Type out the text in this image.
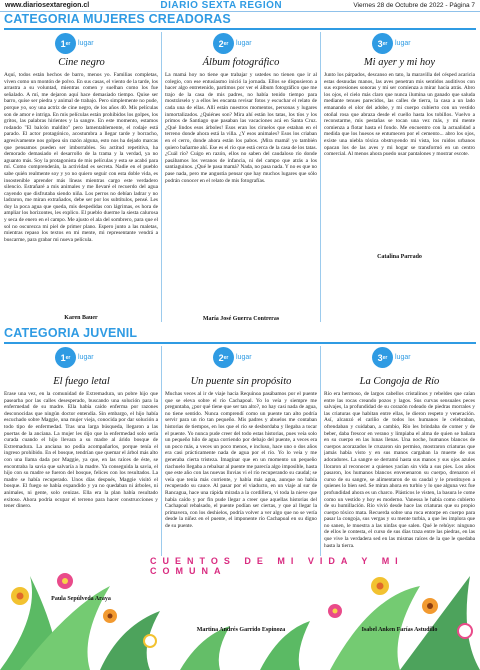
www.diariosextaregion.cl	DIARIO SEXTA REGIÓN	Viernes 28 de Octubre de 2022 - Página 7
CATEGORIA MUJERES CREADORAS
1 er lugar
Cine negro
Aquí, todos están hechos de barro, menos yo. Familias completas, viven como un montón de polvo. En sus casas, el viento de la tarde, los arrastra a su voluntad, mientras comen y suelhan como los fue señalado. A mí, me dejaron aquí hace demasiado tiempo. Quise ser barro, quise ser piedra y animal de trabajo. Pero simplemente no pude, porque yo, soy una actriz de cine negro, de los años 40. Mis películas son de amor e intriga. En mis películas están prohibidos los golpes, los gritos, las palabras hirientes y la sangre. En este momento, estamos rodando "El balcón maldito" pero lamentablemente, el rodaje está parado. El actor protagónico, acostumbra a llegar tarde y borracho, agresivamente nos golpea sin razón alguna, esto nos ha dejado marcas que pensamos pueden ser imborrables. Su actitud repetitiva, ha demorado demasiado el desarrollo de la trama y la verdad, ya no aguanto más. Soy la protagonista de mis películas y esta se acabó para mí. Como comprenderán, la actividad es secreta. Nadie en el pueblo sabe quién realmente soy y yo no quiero seguir con esta doble vida, es insostenible aprender más líneas mientras cargo este verdadero silencio. Estrañaré a mis animales y me llevaré el recuerdo del agua cayendo que disfrutaba siendo niña. Los perros no debían ladrar y no ladraron, me miran extrañados, debe ser por los subtítulos, pensé. Les doy la poca agua que queda, mis despedidas con lágrimas, es hora de ampliar los horizontes, les explico. El pueblo duerme la siesta calurosa y seca de enero en el campo. Me ajusto el ala del sombrero, para que el sol no oscurezca mi piel de primer plano. Espero junto a las maletas, mientras repaso los textos en mi mente, mi representante vendrá a buscarme, para grabar mi nueva película.
Karen Bauer
2 er lugar
Álbum fotográfico
La mamá hoy no tiene que trabajar y ustedes no tienen que ir al colegio, con ese entusiasmo inició la jornada. Ellos se dispusieron a hacer algo entretenido, partimos por ver el álbum fotográfico que me trajo de la casa de mis padres, no había tenido tiempo para mostrárselo y a ellos les encanta revisar fotos y escuchar el relato de cada una de ellas. Allí están nuestros momentos, personas y lugares inmortalizados. ¿Quiénes son? Mira ahí están los tatas, los tíos y los primos de Santiago que pasaban las vacaciones acá en Santa Cruz. ¿Qué lindos esos árboles! Esos eran los ciruelos que estaban en el terreno donde ahora está la villa. ¿Y esos animales? Esos los criaban en el cerro, donde ahora están los pabos. ¡Mira mamá! yo también quiero bañarme ahí. Ese es el río que está cerca de la casa de los tatas. ¿Cuál río? Cuigo en razón, ellos no saben del caudaloso río donde pasábamos los veranos de infancia, ni del campo que atrás a los santiaguinos. ¿Qué le pasa mamá? Nada, no pasa nada. Y no es que no pase nada, pero me angustia pensar que hay muchos lugares que sólo podrán conocer en el relato de mis fotografías.
María José Guerra Contreras
3 er lugar
Mi ayer y mi hoy
Junto los párpados, descanso en tato, la maravilla del césped acaricia estas desnudas manos, las aves penetran mis sentidos auditivos con sus expresiones sonoras y mi ser comienza a mirar hacia atrás. Abro los ojos, el cielo más claro que nunca ilumina un ganado que saluda mediante tenues parecidos, las calles de tierra, la casa a un lado emanando el olor del adobe, y mi cuerpo cubierto con un vestido otoñal rosa que abraza desde el cuello hasta los tobillos. Vuelvo a reconstarme, mis pestañas se tocan una vez más, y mi mente comienza a flotar hasta el fondo. Me encuentro con la actualidad a medida que los huesos se entumecen por el cemento... abro los ojos, existe una niebla tóxica obstruyendo mi vista, los ruidos urbanos opacan los de las aves y mi hogar se transformó en un centro comercial. Al menos ahora puedo usar pantalones y mostrar escote.
Catalina Parrado
CATEGORIA JUVENIL
1 er lugar
El fuego letal
Érase una vez, en la comunidad de Extremadura, un pobre hijo que pasearba por las calles desesperado, buscando una solución para la enfermedad de su madre. Ella había caído enferma por razones desconocidas que ningún doctor entendía. Sin embargo, el hijo había escuchado sobre Maggie, una mujer vieja, conocida por dar solución a todo tipo de enfermedad. Tras una larga búsqueda, llegaron a las puertas de la anciana. La mujer les dijo que la enfermedad solo sería curada cuando el hijo llevara a su madre al árido bosque de Extremadura. La anciana no podía acompañarlos, porque tenía el ingreso prohibido. En el bosque, tendrían que quemar el árbol más alto con una llama dada por Maggie, ya que, en las raíces de éste, se encontraba la savia que salvaría a la madre. Ya conseguida la savia, el hijo con su madre se fueron del bosque, felices con los resultados. La madre se había recuperado. Unos días después, Maggie visitó el bosque. El fuego se había expandido y ya no quedaban ni árboles, ni animales, ni gente, solo cenizas. Ella era la plan había resultado exitoso. Ahora podría ocupar el terreno para hacer construcciones y tener dinero.
2 er lugar
Un puente sin propósito
Muchas veces al ir de viaje hacia Requínoa pasábamos por el puente que se eleva sobre el río Cachapoal. Yo lo veía y siempre me preguntaba, ¿por qué tiene que ser tan alto?, no hay casi nada de agua, no tiene sentido. Nunca comprendí como un puente tan alto podría servir para un río tan pequeño. Mis padres y abuelos me contaban historias de tiempos, en los que el río se desbordaba y llegaba a tocar el puente. Yo nunca pude creer del todo estas historias, pues veía solo un pequeño hilo de agua corriendo por debajo del puente, a veces era un poco más, a veces un poco menos, e incluso, hace uno o dos años era casi prácticamente nada de agua por el río. Yo lo veía y me generaba cierta tristeza. Imaginar que en un momento un pequeño riachuelo llegaba a rebalsar al puente me parecía algo imposible, hasta que este año con las nuevas lluvias vi el río recuperando su caudal; se veía que tenía más corriente, y había más agua, aunque no había recuperado su cauce. Al pasar por el viaducto, en un viaje al sur de Rancagua, hace una rápida mirada a la cordillera, vi toda la nieve que había caído y por fin pude llegar a creer que aquellas historias del Cachapoal rebalsado, el puente podían ser ciertas, y que al llegar la primavera, con los deshielos, podría volver a ver algo que no se vería desde la niñez en el puente, el imponente río Cachapoal en su digno de su puente.
3 er lugar
La Congoja de Río
Río era hermoso, de largos cabellos cristalinos y rebeldes que caían entre las rocas creando pozos y lagos. Sus curvas sensuales peces salvajes, la profundidad de su corazón rodeado de piedras morrales y las criaturas que habitan entre ellas, le dieron respeto y veneración. Así, alcanzó el cariño de todos los humanos le celebraban, ofrendaban y cuidaban, a cambio, Río les brindaba de comer y de beber, daba frescor en verano y limpiaba el alma de quien se bañara en su cuerpo en las lunas llenas. Una noche, humanos blancos de cuerpos acorazados le cruzaron sin permiso, mostraron criaturas que jamás había visto y en sus manos cargaban la muerte de sus adoradores. La sangre se derramó hasta sus manos y sus ojos azules lloraron al reconocer a quienes yacían sin vida a sus pies. Los años pasaron, los humanos blancos envenenaron su cuerpo, drenaron el curso de su sangre, se alimentaron de su caudal y le prostituyen a quienes lo bien sed. Se miran ahora en turbio y lo que alguna vez fue profundidad ahora es un charco. Plásticos le visten, la basura le come como un vestido y hoy es moderno. Vanessa le había como cubierto de su humillación. Río vivió desde hace las criaturas que su propio cuerpo tóxico mata. Recuerda sobre una roca entorpe en cuerpo para pasar la congoja, sus vergas y su mente turbia, a que les implora que no sanen, le muestra a las ninfas que salen. Qué le rehúye: ninguno de ellos le contesta, el curso de sus días traza entre las piedras, en las que vive la verdadera sed en las mismas raíces de la que le quedaba hasta la tierra.
CUENTOS DE MI VIDA Y MI COMUNA
Paula Sepúlveda Araya
Martina Andrés Garrido Espinoza	Isabel Anken Farías Astudillo
